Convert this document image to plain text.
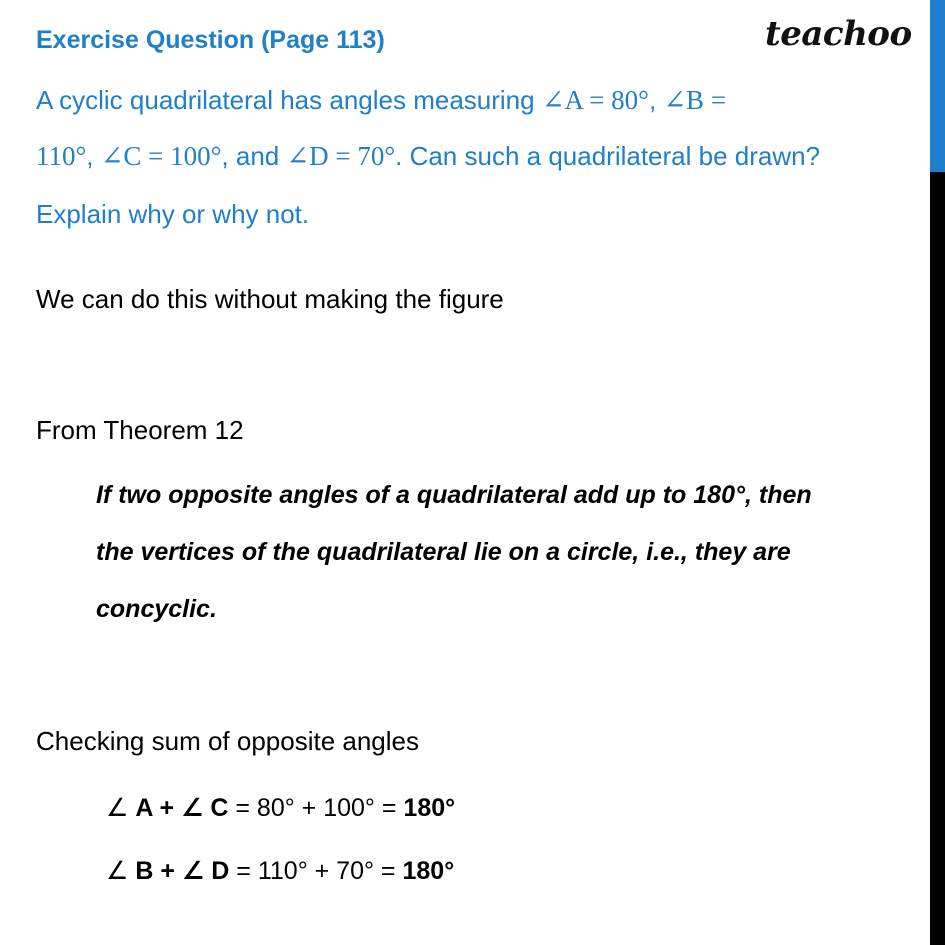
teachoo
Exercise Question (Page 113)
A cyclic quadrilateral has angles measuring ∠A = 80°, ∠B =
110°, ∠C = 100°, and ∠D = 70°. Can such a quadrilateral be drawn?
Explain why or why not.
We can do this without making the figure
From Theorem 12
If two opposite angles of a quadrilateral add up to 180°, then
the vertices of the quadrilateral lie on a circle, i.e., they are
concyclic.
Checking sum of opposite angles
∠ A + ∠ C = 80° + 100° = 180°
∠ B + ∠ D = 110° + 70° = 180°
